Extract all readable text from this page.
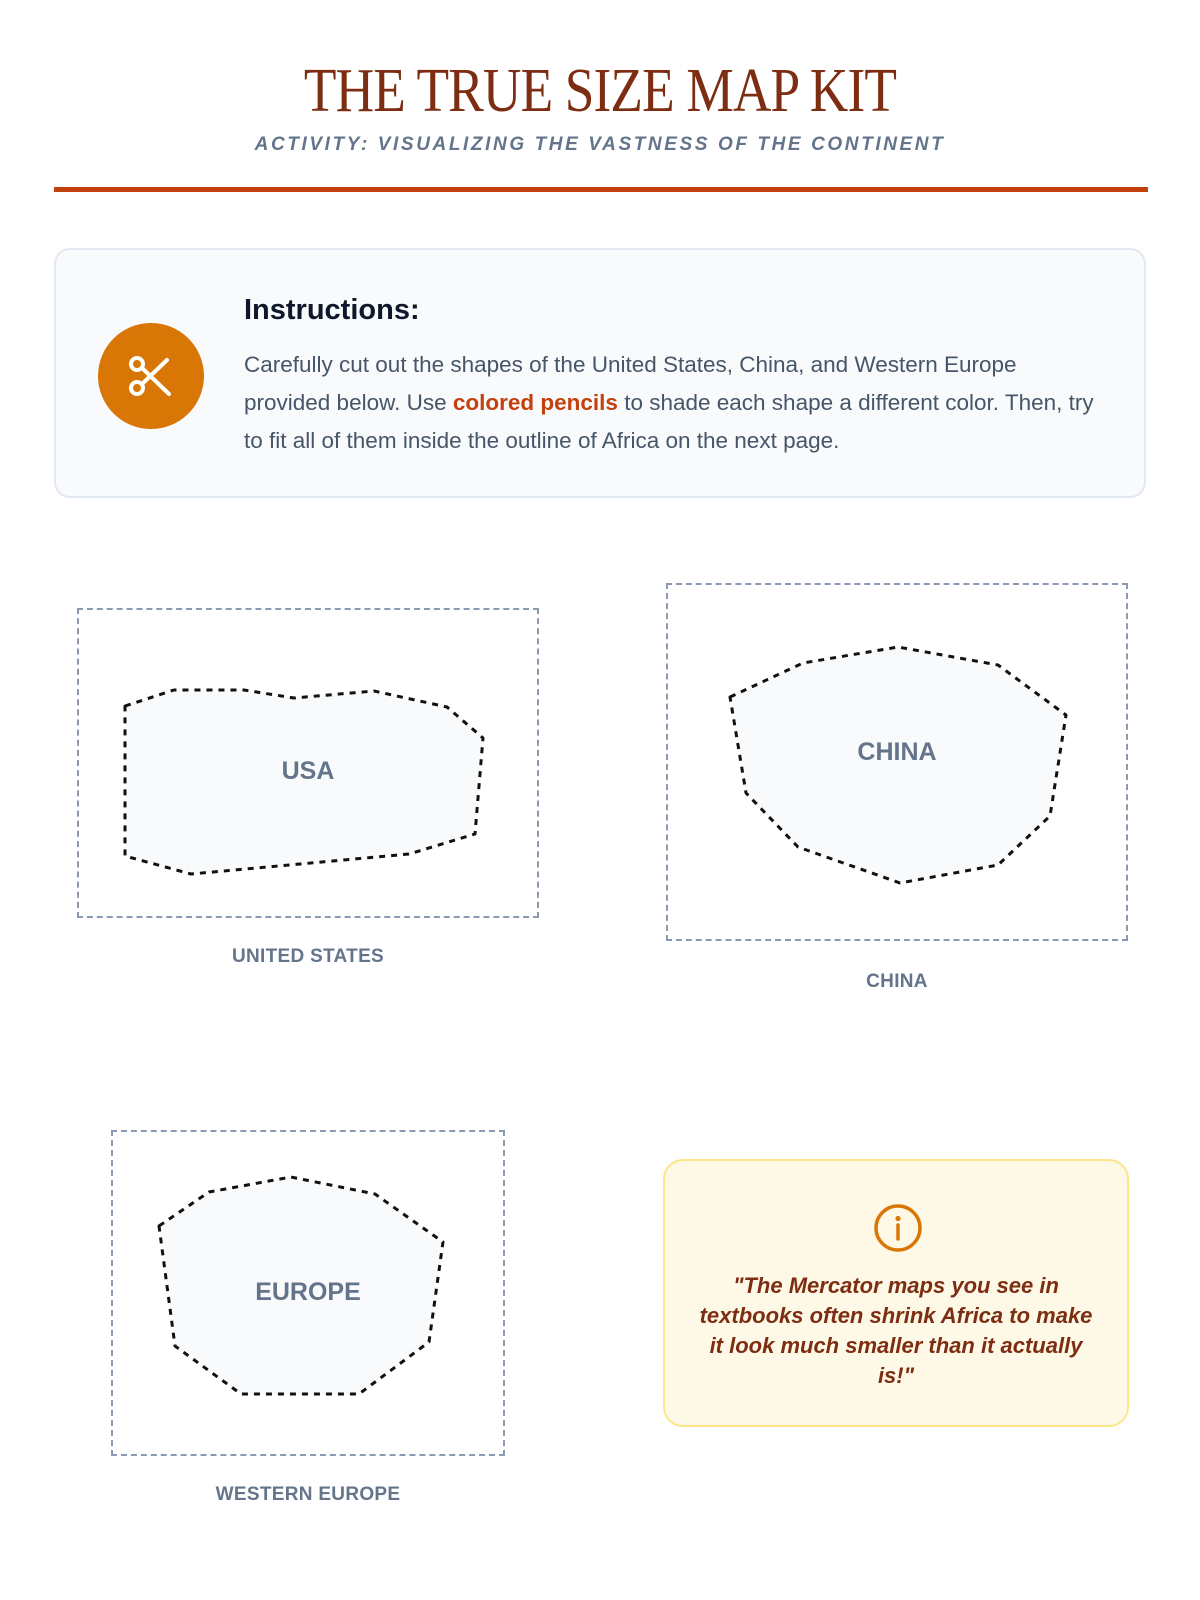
THE TRUE SIZE MAP KIT
ACTIVITY: VISUALIZING THE VASTNESS OF THE CONTINENT
Instructions:
Carefully cut out the shapes of the United States, China, and Western Europe provided below. Use colored pencils to shade each shape a different color. Then, try to fit all of them inside the outline of Africa on the next page.
USA
UNITED STATES
CHINA
CHINA
EUROPE
WESTERN EUROPE
"The Mercator maps you see in textbooks often shrink Africa to make it look much smaller than it actually is!"
